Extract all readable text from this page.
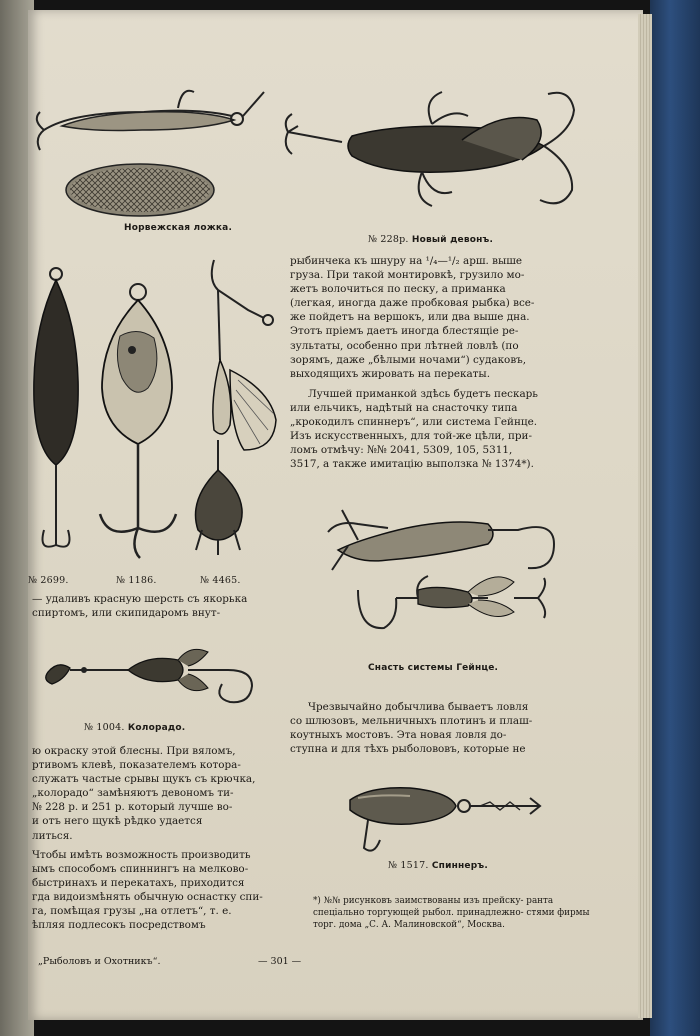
Норвежская ложка.
№ 228р. Новый девонъ.
№ 2699.	№ 1186.	№ 4465.
— удаливъ красную шерсть съ якорька
спиртомъ, или скипидаромъ внут-
№ 1004. Колорадо.
ю окраску этой блесны. При вяломъ,
ртивомъ клевѣ, показателемъ котора-
служатъ частые срывы щукъ съ крючка,
„колорадо“ замѣняютъ девономъ ти-
№ 228 р. и 251 р. который лучше во-
и отъ него щукѣ рѣдко удается
литься.
Чтобы имѣть возможность производить
ымъ способомъ спиннингъ на мелково-
быстринахъ и перекатахъ, приходится
гда видоизмѣнять обычную оснастку спи-
га, помѣщая грузы „на отлетъ“, т. е.
ѣпляя подлесокъ посредствомъ
рыбинчека къ шнуру на ¹/₄—¹/₂ арш. выше
груза. При такой монтировкѣ, грузило мо-
жетъ волочиться по песку, а приманка
(легкая, иногда даже пробковая рыбка) все-
же пойдетъ на вершокъ, или два выше дна.
Этотъ пріемъ даетъ иногда блестящіе ре-
зультаты, особенно при лѣтней ловлѣ (по
зорямъ, даже „бѣлыми ночами“) судаковъ,
выходящихъ жировать на перекаты.
Лучшей приманкой здѣсь будетъ пескарь
или ельчикъ, надѣтый на снасточку типа
„крокодилъ спиннеръ“, или система Гейнце.
Изъ искусственныхъ, для той-же цѣли, при-
ломъ отмѣчу: №№ 2041, 5309, 105, 5311,
3517, а также имитацію выползка № 1374*).
Снасть системы Гейнце.
Чрезвычайно добычлива бываетъ ловля
со шлюзовъ, мельничныхъ плотинъ и плаш-
коутныхъ мостовъ. Эта новая ловля до-
ступна и для тѣхъ рыболововъ, которые не
№ 1517. Спиннеръ.
*) №№ рисунковъ заимствованы изъ прейску- ранта спеціально торгующей рыбол. принадлежно- стями фирмы торг. дома „С. А. Малиновской“, Москва.
„Рыболовъ и Охотникъ“.	— 301 —
